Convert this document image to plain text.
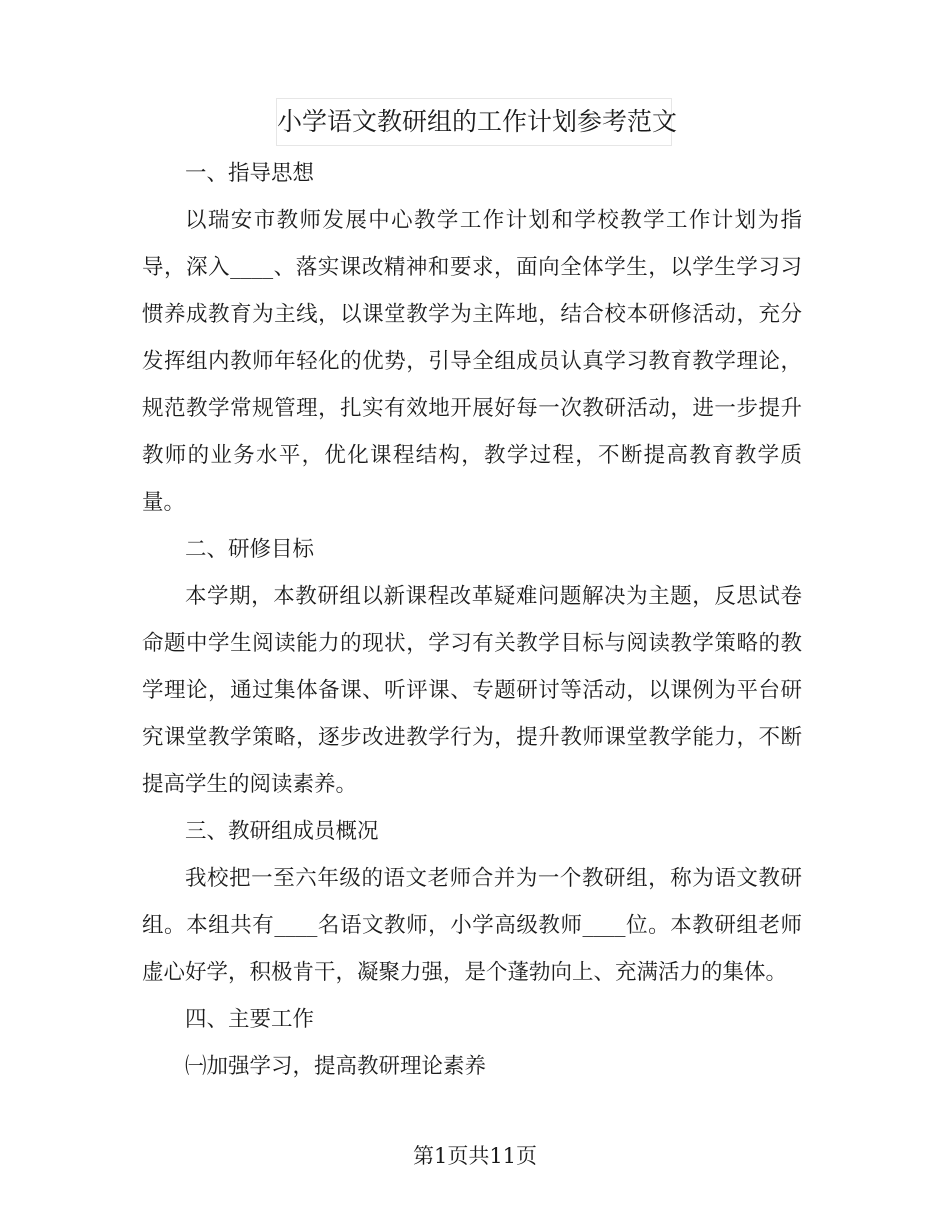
小学语文教研组的工作计划参考范文

一、指导思想

以瑞安市教师发展中心教学工作计划和学校教学工作计划为指导，深入____、落实课改精神和要求，面向全体学生，以学生学习习惯养成教育为主线，以课堂教学为主阵地，结合校本研修活动，充分发挥组内教师年轻化的优势，引导全组成员认真学习教育教学理论，规范教学常规管理，扎实有效地开展好每一次教研活动，进一步提升教师的业务水平，优化课程结构，教学过程，不断提高教育教学质量。

二、研修目标

本学期，本教研组以新课程改革疑难问题解决为主题，反思试卷命题中学生阅读能力的现状，学习有关教学目标与阅读教学策略的教学理论，通过集体备课、听评课、专题研讨等活动，以课例为平台研究课堂教学策略，逐步改进教学行为，提升教师课堂教学能力，不断提高学生的阅读素养。

三、教研组成员概况

我校把一至六年级的语文老师合并为一个教研组，称为语文教研组。本组共有____名语文教师，小学高级教师____位。本教研组老师虚心好学，积极肯干，凝聚力强，是个蓬勃向上、充满活力的集体。

四、主要工作

㈠加强学习，提高教研理论素养

第1页共11页
